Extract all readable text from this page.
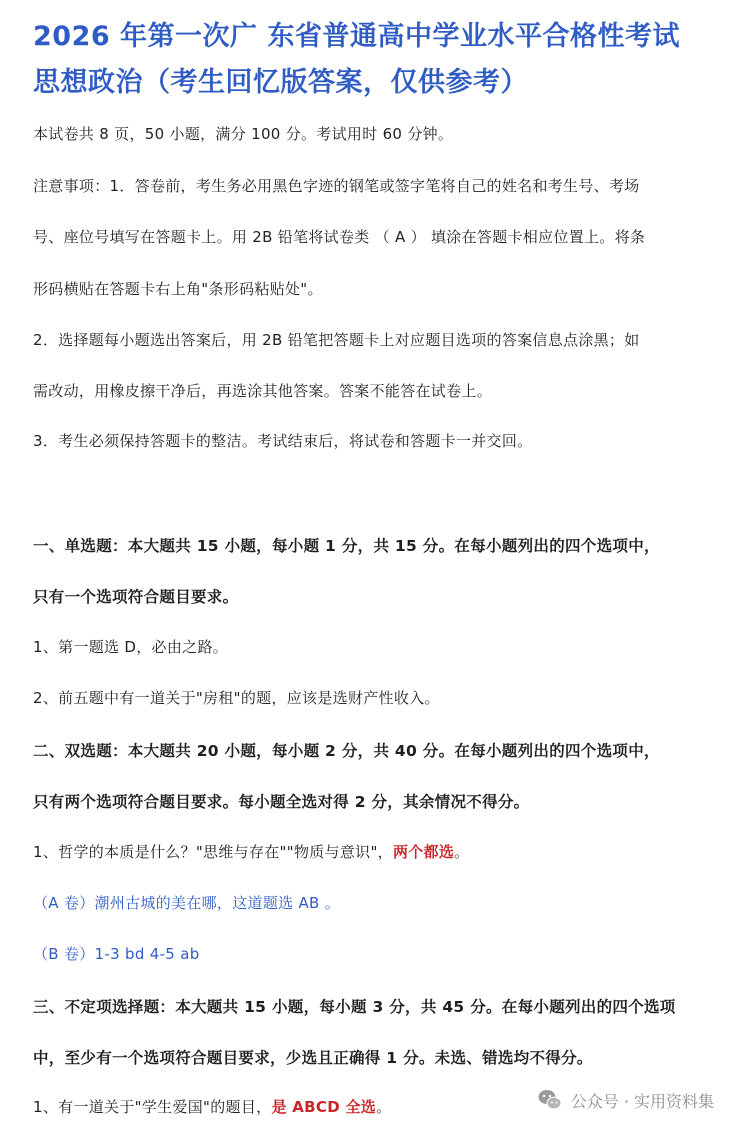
2026 年第一次广 东省普通高中学业水平合格性考试
思想政治（考生回忆版答案，仅供参考）
本试卷共 8 页，50 小题，满分 100 分。考试用时 60 分钟。
注意事项：1．答卷前，考生务必用黑色字迹的钢笔或签字笔将自己的姓名和考生号、考场
号、座位号填写在答题卡上。用 2B 铅笔将试卷类 （ A ） 填涂在答题卡相应位置上。将条
形码横贴在答题卡右上角"条形码粘贴处"。
2．选择题每小题选出答案后，用 2B 铅笔把答题卡上对应题目选项的答案信息点涂黑；如
需改动，用橡皮擦干净后，再选涂其他答案。答案不能答在试卷上。
3．考生必须保持答题卡的整洁。考试结束后，将试卷和答题卡一并交回。
一、单选题：本大题共 15 小题，每小题 1 分，共 15 分。在每小题列出的四个选项中，
只有一个选项符合题目要求。
1、第一题选 D，必由之路。
2、前五题中有一道关于"房租"的题，应该是选财产性收入。
二、双选题：本大题共 20 小题，每小题 2 分，共 40 分。在每小题列出的四个选项中，
只有两个选项符合题目要求。每小题全选对得 2 分，其余情况不得分。
1、哲学的本质是什么？"思维与存在""物质与意识"，两个都选。
（A 卷）潮州古城的美在哪，这道题选 AB 。
（B 卷）1-3 bd 4-5 ab
三、不定项选择题：本大题共 15 小题，每小题 3 分，共 45 分。在每小题列出的四个选项
中，至少有一个选项符合题目要求，少选且正确得 1 分。未选、错选均不得分。
1、有一道关于"学生爱国"的题目，是 ABCD 全选。	公众号 · 实用资料集
